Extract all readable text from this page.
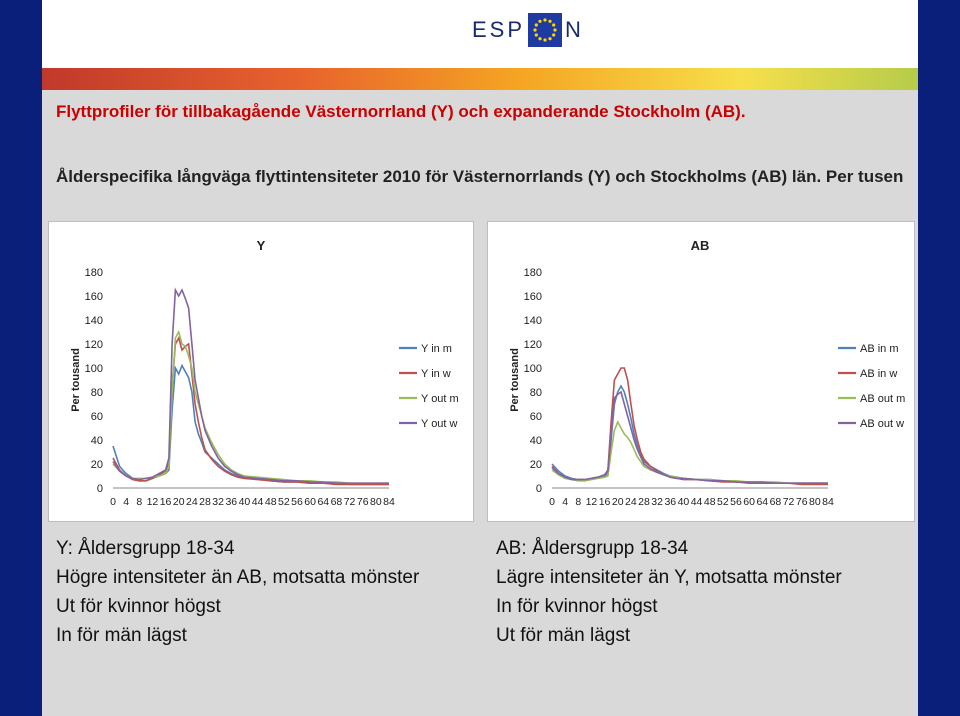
ESP N
Flyttprofiler för tillbakagående Västernorrland (Y) och expanderande Stockholm (AB).
Ålderspecifika långväga flyttintensiteter 2010 för Västernorrlands (Y) och Stockholms (AB) län. Per tusen
Y
Per tousand
0
20
40
60
80
100
120
140
160
180
0 4 8 12 16 20 24 28 32 36 40 44 48 52 56 60 64 68 72 76 80 84
Y in m
Y in w
Y out m
Y out w
AB
Per tousand
0
20
40
60
80
100
120
140
160
180
0 4 8 12 16 20 24 28 32 36 40 44 48 52 56 60 64 68 72 76 80 84
AB in m
AB in w
AB out m
AB out w
Y: Åldersgrupp 18-34
Högre intensiteter än AB, motsatta mönster
Ut för kvinnor högst
In för män lägst
AB: Åldersgrupp 18-34
Lägre intensiteter än Y, motsatta mönster
In för kvinnor högst
Ut för män lägst
